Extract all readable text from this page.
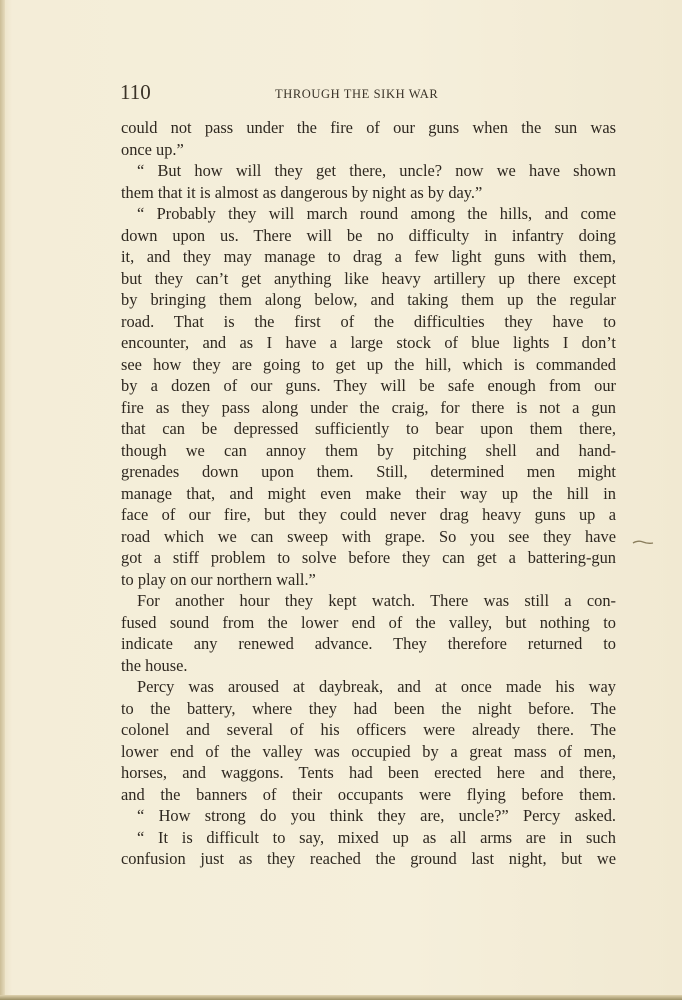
110	THROUGH THE SIKH WAR
could not pass under the fire of our guns when the sun was
once up.”
“ But how will they get there, uncle? now we have shown
them that it is almost as dangerous by night as by day.”
“ Probably they will march round among the hills, and come
down upon us. There will be no difficulty in infantry doing
it, and they may manage to drag a few light guns with them,
but they can’t get anything like heavy artillery up there except
by bringing them along below, and taking them up the regular
road. That is the first of the difficulties they have to
encounter, and as I have a large stock of blue lights I don’t
see how they are going to get up the hill, which is commanded
by a dozen of our guns. They will be safe enough from our
fire as they pass along under the craig, for there is not a gun
that can be depressed sufficiently to bear upon them there,
though we can annoy them by pitching shell and hand-
grenades down upon them. Still, determined men might
manage that, and might even make their way up the hill in
face of our fire, but they could never drag heavy guns up a
road which we can sweep with grape. So you see they have
got a stiff problem to solve before they can get a battering-gun
to play on our northern wall.”
For another hour they kept watch. There was still a con-
fused sound from the lower end of the valley, but nothing to
indicate any renewed advance. They therefore returned to
the house.
Percy was aroused at daybreak, and at once made his way
to the battery, where they had been the night before. The
colonel and several of his officers were already there. The
lower end of the valley was occupied by a great mass of men,
horses, and waggons. Tents had been erected here and there,
and the banners of their occupants were flying before them.
“ How strong do you think they are, uncle?” Percy asked.
“ It is difficult to say, mixed up as all arms are in such
confusion just as they reached the ground last night, but we
